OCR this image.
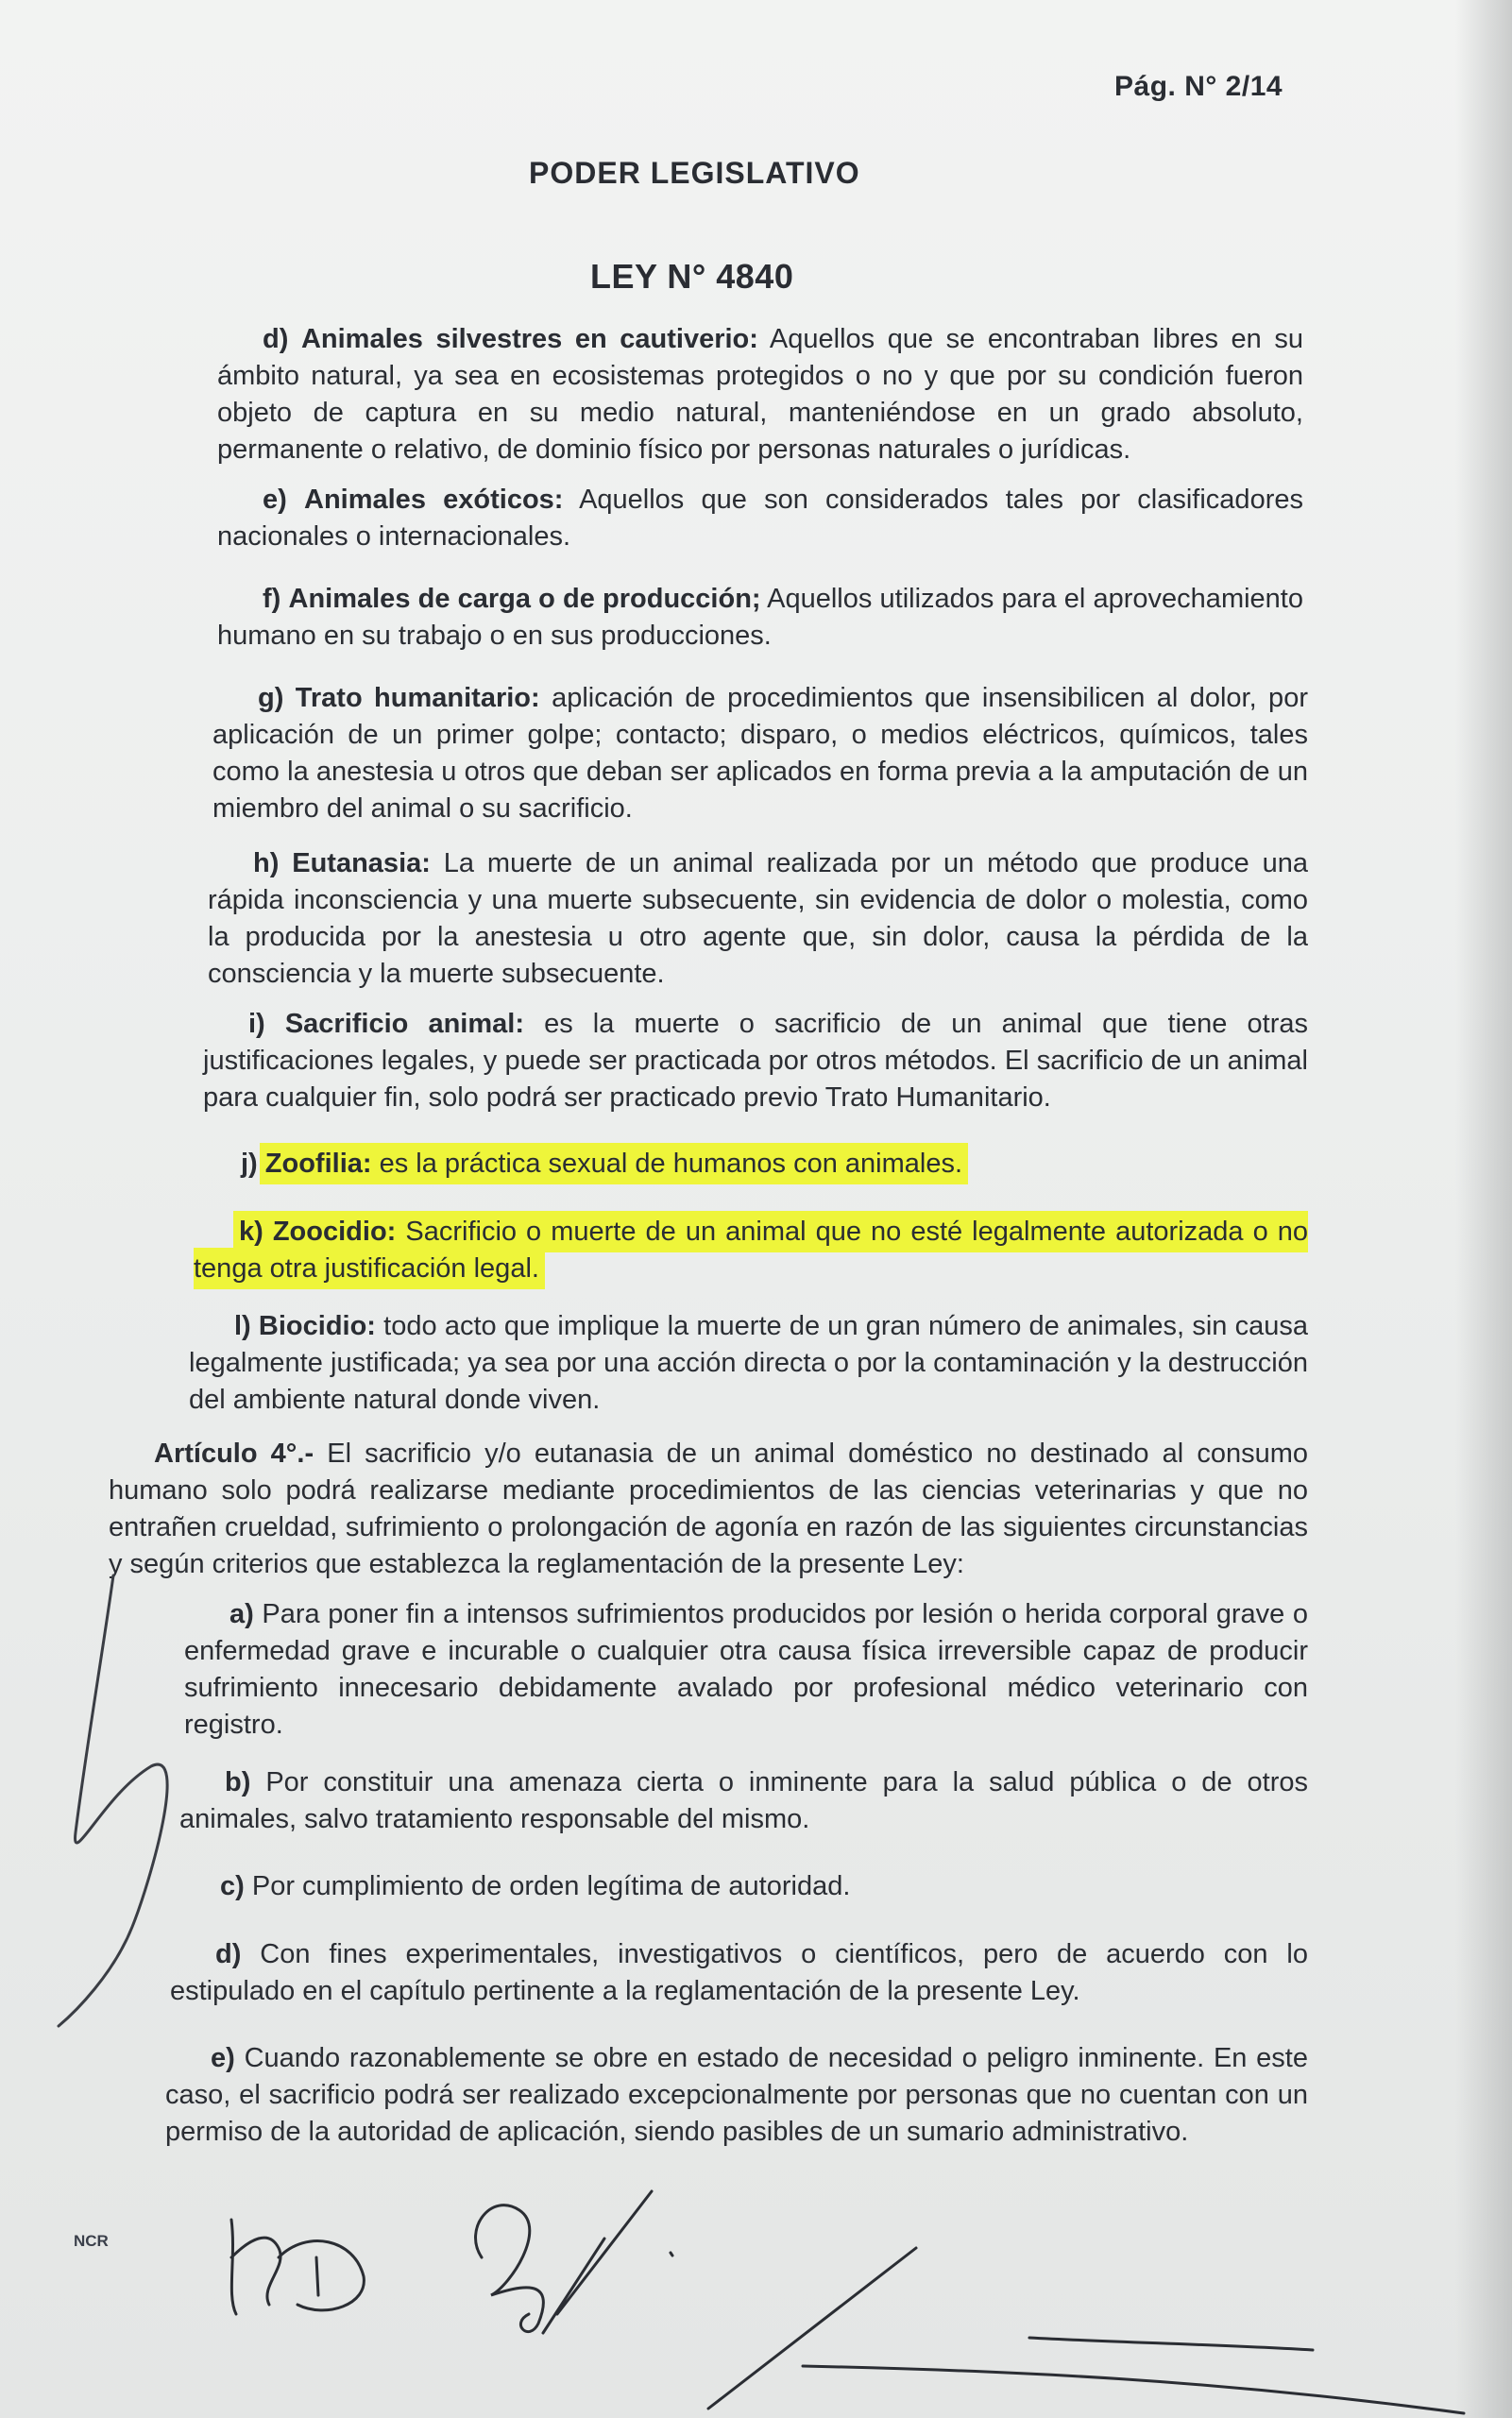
Pág. N° 2/14
PODER LEGISLATIVO
LEY N° 4840
d) Animales silvestres en cautiverio: Aquellos que se encontraban libres en su ámbito natural, ya sea en ecosistemas protegidos o no y que por su condición fueron objeto de captura en su medio natural, manteniéndose en un grado absoluto, permanente o relativo, de dominio físico por personas naturales o jurídicas.
e) Animales exóticos: Aquellos que son considerados tales por clasificadores nacionales o internacionales.
f) Animales de carga o de producción; Aquellos utilizados para el aprovechamiento humano en su trabajo o en sus producciones.
g) Trato humanitario: aplicación de procedimientos que insensibilicen al dolor, por aplicación de un primer golpe; contacto; disparo, o medios eléctricos, químicos, tales como la anestesia u otros que deban ser aplicados en forma previa a la amputación de un miembro del animal o su sacrificio.
h) Eutanasia: La muerte de un animal realizada por un método que produce una rápida inconsciencia y una muerte subsecuente, sin evidencia de dolor o molestia, como la producida por la anestesia u otro agente que, sin dolor, causa la pérdida de la consciencia y la muerte subsecuente.
i) Sacrificio animal: es la muerte o sacrificio de un animal que tiene otras justificaciones legales, y puede ser practicada por otros métodos. El sacrificio de un animal para cualquier fin, solo podrá ser practicado previo Trato Humanitario.
j) Zoofilia: es la práctica sexual de humanos con animales.
k) Zoocidio: Sacrificio o muerte de un animal que no esté legalmente autorizada o no tenga otra justificación legal.
l) Biocidio: todo acto que implique la muerte de un gran número de animales, sin causa legalmente justificada; ya sea por una acción directa o por la contaminación y la destrucción del ambiente natural donde viven.
Artículo 4°.- El sacrificio y/o eutanasia de un animal doméstico no destinado al consumo humano solo podrá realizarse mediante procedimientos de las ciencias veterinarias y que no entrañen crueldad, sufrimiento o prolongación de agonía en razón de las siguientes circunstancias y según criterios que establezca la reglamentación de la presente Ley:
a) Para poner fin a intensos sufrimientos producidos por lesión o herida corporal grave o enfermedad grave e incurable o cualquier otra causa física irreversible capaz de producir sufrimiento innecesario debidamente avalado por profesional médico veterinario con registro.
b) Por constituir una amenaza cierta o inminente para la salud pública o de otros animales, salvo tratamiento responsable del mismo.
c) Por cumplimiento de orden legítima de autoridad.
d) Con fines experimentales, investigativos o científicos, pero de acuerdo con lo estipulado en el capítulo pertinente a la reglamentación de la presente Ley.
e) Cuando razonablemente se obre en estado de necesidad o peligro inminente. En este caso, el sacrificio podrá ser realizado excepcionalmente por personas que no cuentan con un permiso de la autoridad de aplicación, siendo pasibles de un sumario administrativo.
NCR
